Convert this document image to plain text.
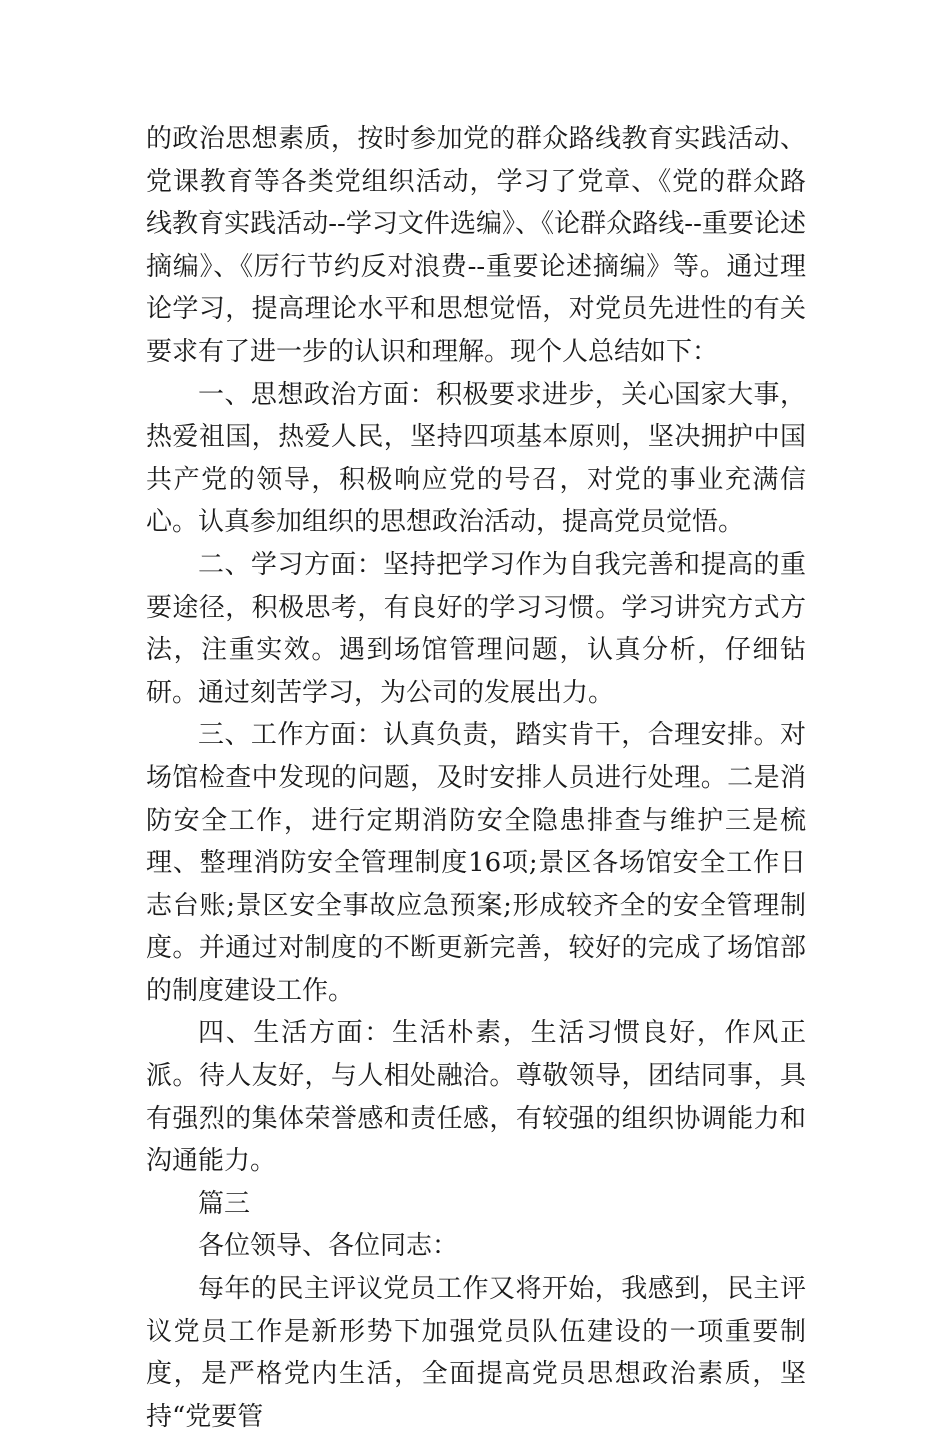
的政治思想素质，按时参加党的群众路线教育实践活动、党课教育等各类党组织活动，学习了党章、《党的群众路线教育实践活动--学习文件选编》、《论群众路线--重要论述摘编》、《厉行节约反对浪费--重要论述摘编》等。通过理论学习，提高理论水平和思想觉悟，对党员先进性的有关要求有了进一步的认识和理解。现个人总结如下：

一、思想政治方面：积极要求进步，关心国家大事，热爱祖国，热爱人民，坚持四项基本原则，坚决拥护中国共产党的领导，积极响应党的号召，对党的事业充满信心。认真参加组织的思想政治活动，提高党员觉悟。

二、学习方面：坚持把学习作为自我完善和提高的重要途径，积极思考，有良好的学习习惯。学习讲究方式方法，注重实效。遇到场馆管理问题，认真分析，仔细钻研。通过刻苦学习，为公司的发展出力。

三、工作方面：认真负责，踏实肯干，合理安排。对场馆检查中发现的问题，及时安排人员进行处理。二是消防安全工作，进行定期消防安全隐患排查与维护三是梳理、整理消防安全管理制度16项;景区各场馆安全工作日志台账;景区安全事故应急预案;形成较齐全的安全管理制度。并通过对制度的不断更新完善，较好的完成了场馆部的制度建设工作。

四、生活方面：生活朴素，生活习惯良好，作风正派。待人友好，与人相处融洽。尊敬领导，团结同事，具有强烈的集体荣誉感和责任感，有较强的组织协调能力和沟通能力。

篇三

各位领导、各位同志：

每年的民主评议党员工作又将开始，我感到，民主评议党员工作是新形势下加强党员队伍建设的一项重要制度，是严格党内生活，全面提高党员思想政治素质，坚持“党要管
